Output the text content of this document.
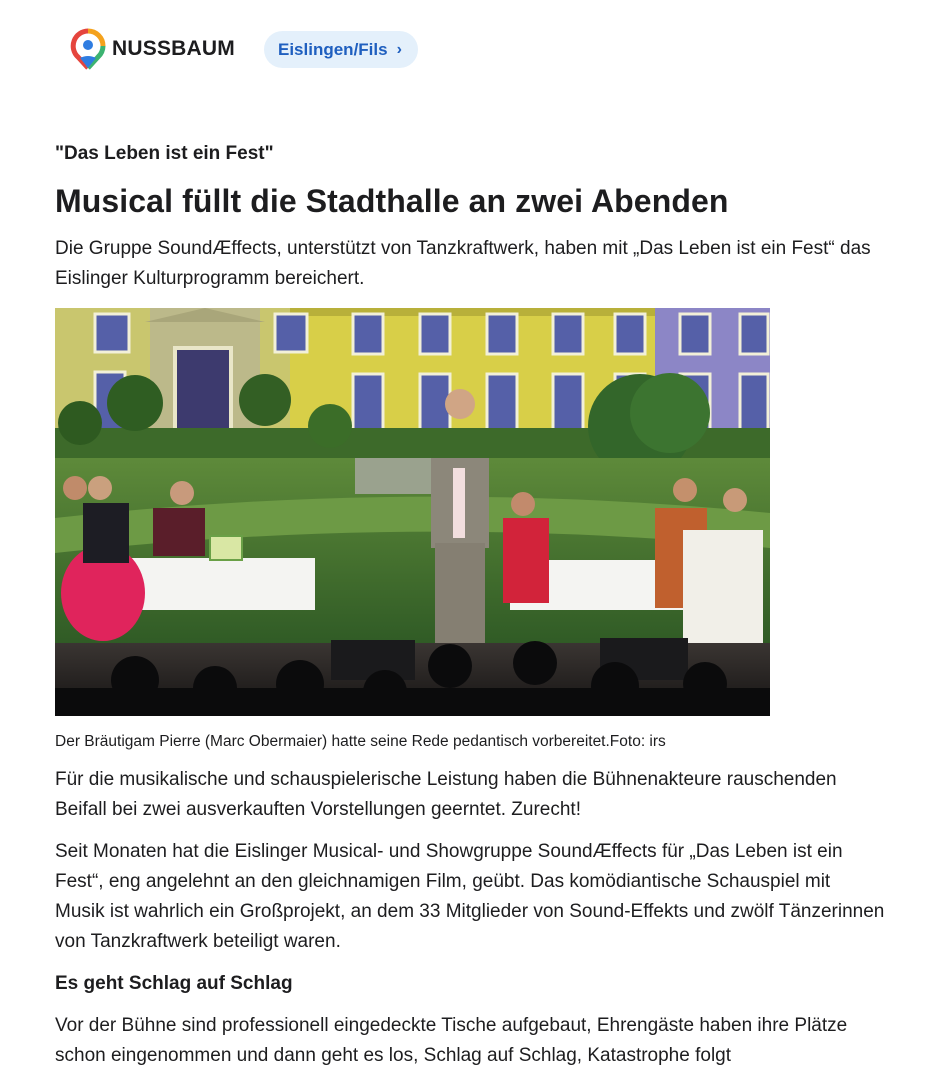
NUSSBAUM	Eislingen/Fils ›

"Das Leben ist ein Fest"

Musical füllt die Stadthalle an zwei Abenden

Die Gruppe SoundÆffects, unterstützt von Tanzkraftwerk, haben mit „Das Leben ist ein Fest“ das Eislinger Kulturprogramm bereichert.

Der Bräutigam Pierre (Marc Obermaier) hatte seine Rede pedantisch vorbereitet.Foto: irs

Für die musikalische und schauspielerische Leistung haben die Bühnenakteure rauschenden Beifall bei zwei ausverkauften Vorstellungen geerntet. Zurecht!

Seit Monaten hat die Eislinger Musical- und Showgruppe SoundÆffects für „Das Leben ist ein Fest“, eng angelehnt an den gleichnamigen Film, geübt. Das komödiantische Schauspiel mit Musik ist wahrlich ein Großprojekt, an dem 33 Mitglieder von Sound-Effekts und zwölf Tänzerinnen von Tanzkraftwerk beteiligt waren.

Es geht Schlag auf Schlag

Vor der Bühne sind professionell eingedeckte Tische aufgebaut, Ehrengäste haben ihre Plätze schon eingenommen und dann geht es los, Schlag auf Schlag, Katastrophe folgt
